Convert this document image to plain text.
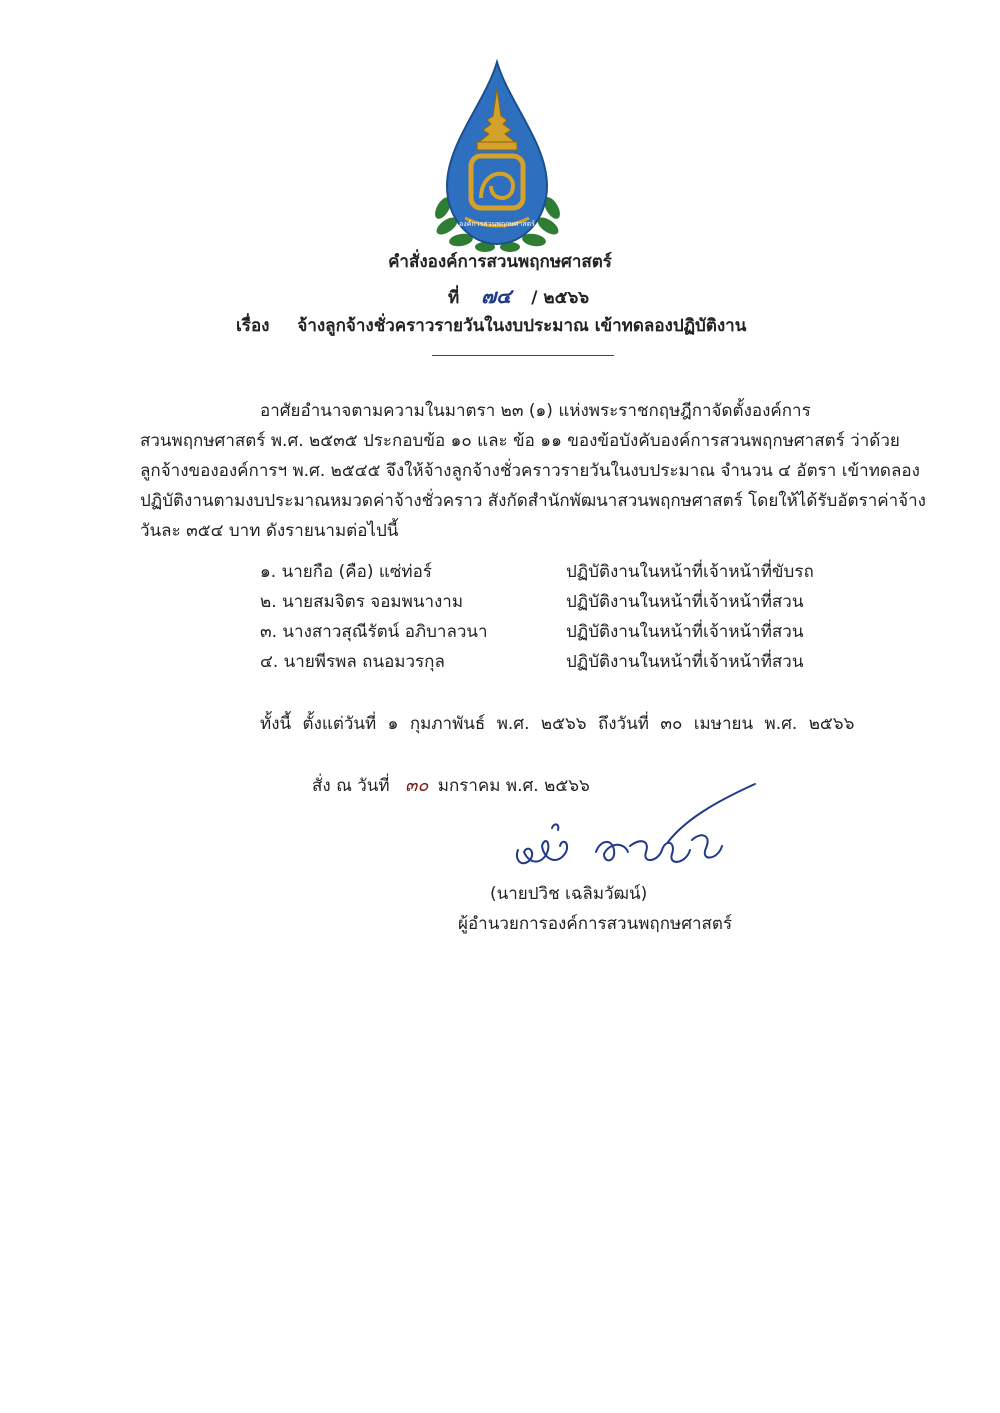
องค์การสวนพฤกษศาสตร์
คำสั่งองค์การสวนพฤกษศาสตร์
ที่ ๗๔ / ๒๕๖๖
เรื่อง จ้างลูกจ้างชั่วคราวรายวันในงบประมาณ เข้าทดลองปฏิบัติงาน
อาศัยอำนาจตามความในมาตรา ๒๓ (๑) แห่งพระราชกฤษฎีกาจัดตั้งองค์การ
สวนพฤกษศาสตร์ พ.ศ. ๒๕๓๕ ประกอบข้อ ๑๐ และ ข้อ ๑๑ ของข้อบังคับองค์การสวนพฤกษศาสตร์ ว่าด้วย
ลูกจ้างขององค์การฯ พ.ศ. ๒๕๔๕ จึงให้จ้างลูกจ้างชั่วคราวรายวันในงบประมาณ จำนวน ๔ อัตรา เข้าทดลอง
ปฏิบัติงานตามงบประมาณหมวดค่าจ้างชั่วคราว สังกัดสำนักพัฒนาสวนพฤกษศาสตร์ โดยให้ได้รับอัตราค่าจ้าง
วันละ ๓๕๔ บาท ดังรายนามต่อไปนี้
๑. นายกือ (คือ) แซ่ท่อร์	ปฏิบัติงานในหน้าที่เจ้าหน้าที่ขับรถ
๒. นายสมจิตร จอมพนางาม	ปฏิบัติงานในหน้าที่เจ้าหน้าที่สวน
๓. นางสาวสุณีรัตน์ อภิบาลวนา	ปฏิบัติงานในหน้าที่เจ้าหน้าที่สวน
๔. นายพีรพล ถนอมวรกุล	ปฏิบัติงานในหน้าที่เจ้าหน้าที่สวน
ทั้งนี้ ตั้งแต่วันที่ ๑ กุมภาพันธ์ พ.ศ. ๒๕๖๖ ถึงวันที่ ๓๐ เมษายน พ.ศ. ๒๕๖๖
สั่ง ณ วันที่ ๓๐ มกราคม พ.ศ. ๒๕๖๖
(นายปวิช เฉลิมวัฒน์)
ผู้อำนวยการองค์การสวนพฤกษศาสตร์
